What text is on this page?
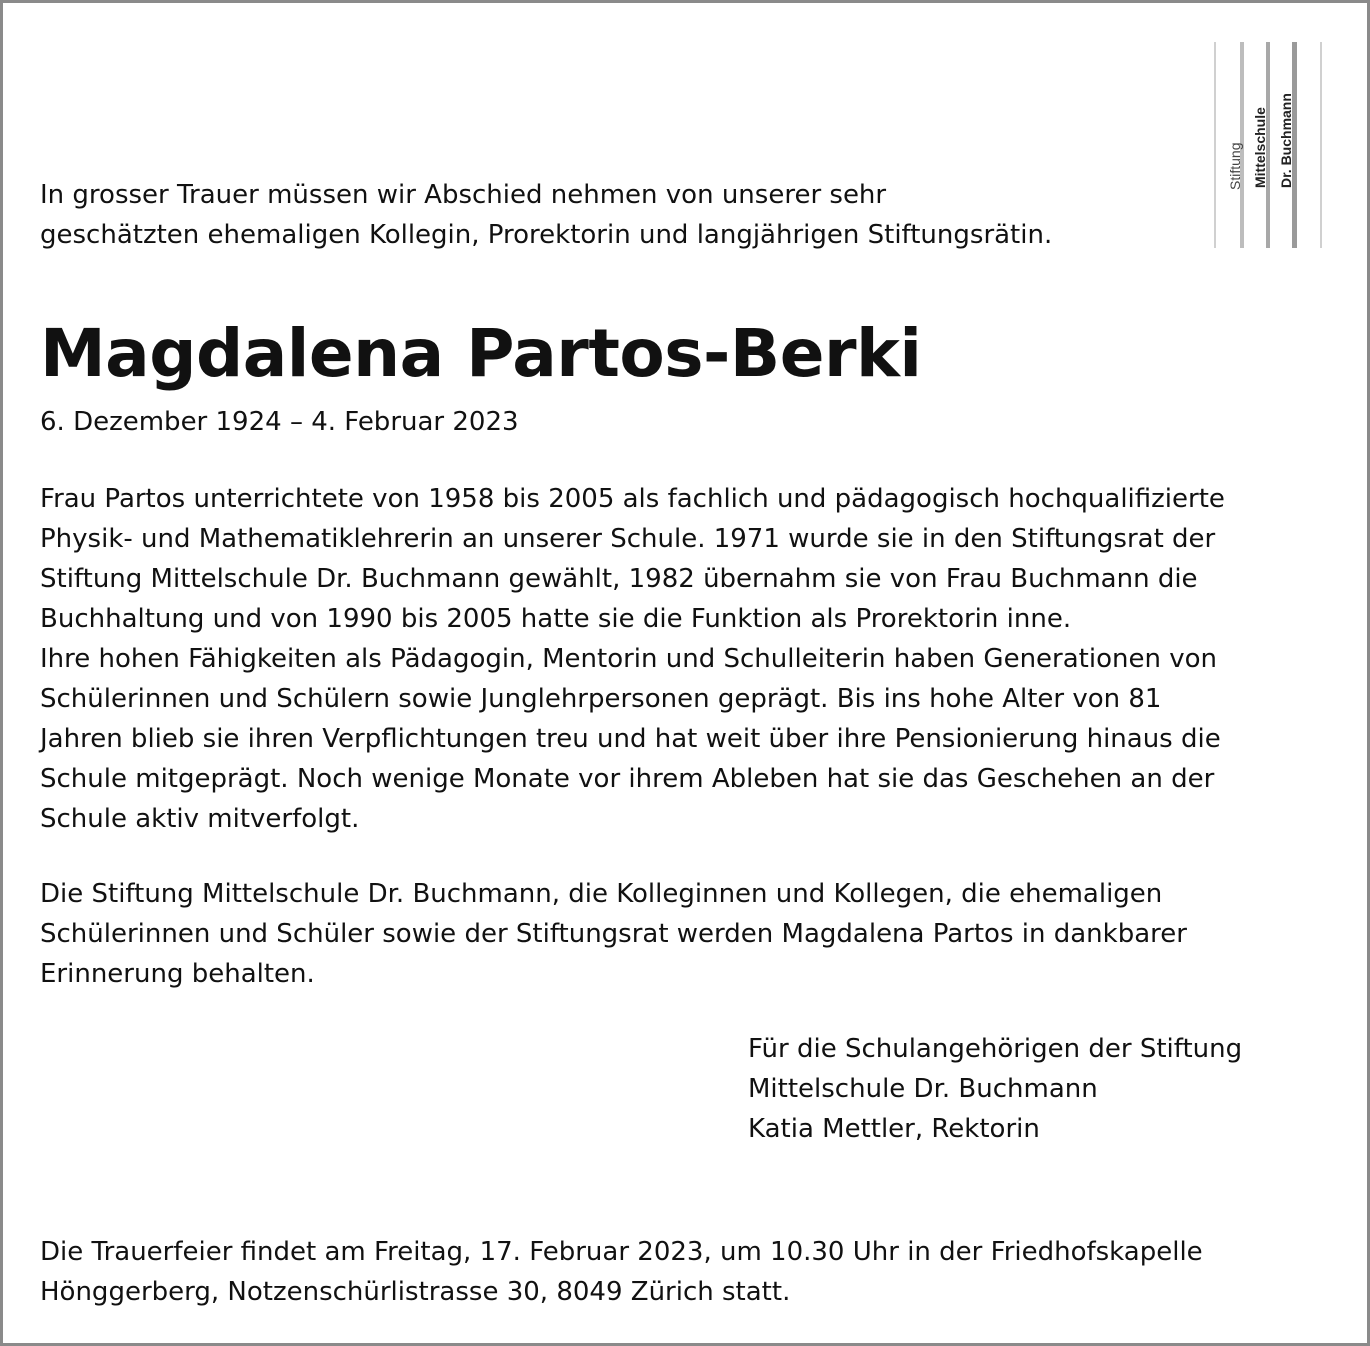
Stiftung Mittelschule Dr. Buchmann

In grosser Trauer müssen wir Abschied nehmen von unserer sehr
geschätzten ehemaligen Kollegin, Prorektorin und langjährigen Stiftungsrätin.

Magdalena Partos-Berki

6. Dezember 1924 – 4. Februar 2023

Frau Partos unterrichtete von 1958 bis 2005 als fachlich und pädagogisch hochqualifizierte
Physik- und Mathematiklehrerin an unserer Schule. 1971 wurde sie in den Stiftungsrat der
Stiftung Mittelschule Dr. Buchmann gewählt, 1982 übernahm sie von Frau Buchmann die
Buchhaltung und von 1990 bis 2005 hatte sie die Funktion als Prorektorin inne.
Ihre hohen Fähigkeiten als Pädagogin, Mentorin und Schulleiterin haben Generationen von
Schülerinnen und Schülern sowie Junglehrpersonen geprägt. Bis ins hohe Alter von 81
Jahren blieb sie ihren Verpflichtungen treu und hat weit über ihre Pensionierung hinaus die
Schule mitgeprägt. Noch wenige Monate vor ihrem Ableben hat sie das Geschehen an der
Schule aktiv mitverfolgt.

Die Stiftung Mittelschule Dr. Buchmann, die Kolleginnen und Kollegen, die ehemaligen
Schülerinnen und Schüler sowie der Stiftungsrat werden Magdalena Partos in dankbarer
Erinnerung behalten.

Für die Schulangehörigen der Stiftung
Mittelschule Dr. Buchmann
Katia Mettler, Rektorin

Die Trauerfeier findet am Freitag, 17. Februar 2023, um 10.30 Uhr in der Friedhofskapelle
Hönggerberg, Notzenschürlistrasse 30, 8049 Zürich statt.
